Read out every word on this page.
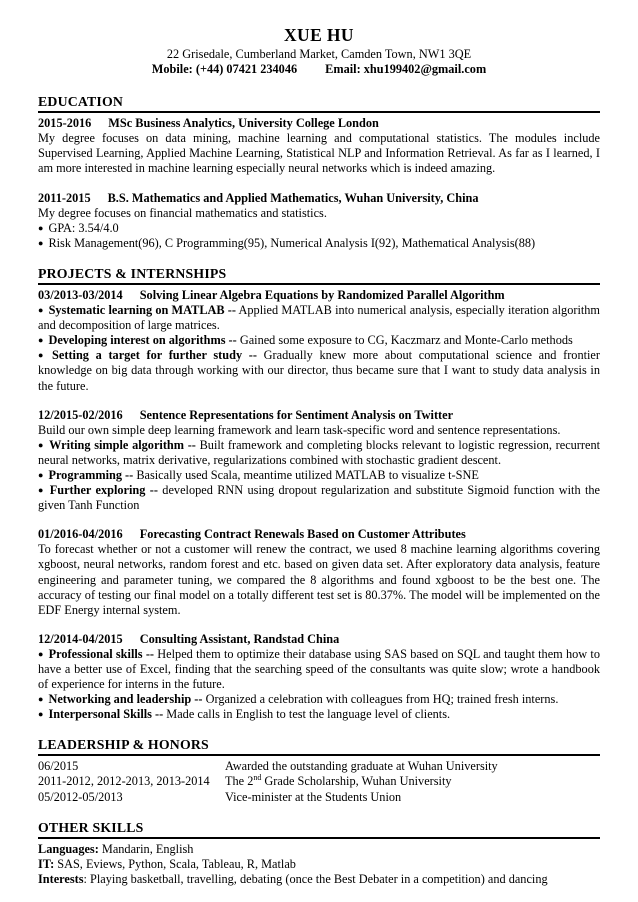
XUE HU
22 Grisedale, Cumberland Market, Camden Town, NW1 3QE
Mobile: (+44) 07421 234046 Email: xhu199402@gmail.com
EDUCATION

2015-2016 MSc Business Analytics, University College London

My degree focuses on data mining, machine learning and computational statistics. The modules include Supervised Learning, Applied Machine Learning, Statistical NLP and Information Retrieval. As far as I learned, I am more interested in machine learning especially neural networks which is indeed amazing.

2011-2015 B.S. Mathematics and Applied Mathematics, Wuhan University, China

My degree focuses on financial mathematics and statistics.

● GPA: 3.54/4.0

● Risk Management(96), C Programming(95), Numerical Analysis I(92), Mathematical Analysis(88)

PROJECTS & INTERNSHIPS

03/2013-03/2014 Solving Linear Algebra Equations by Randomized Parallel Algorithm

● Systematic learning on MATLAB -- Applied MATLAB into numerical analysis, especially iteration algorithm and decomposition of large matrices.

● Developing interest on algorithms -- Gained some exposure to CG, Kaczmarz and Monte-Carlo methods

● Setting a target for further study -- Gradually knew more about computational science and frontier knowledge on big data through working with our director, thus became sure that I want to study data analysis in the future.

12/2015-02/2016 Sentence Representations for Sentiment Analysis on Twitter

Build our own simple deep learning framework and learn task-specific word and sentence representations.

● Writing simple algorithm -- Built framework and completing blocks relevant to logistic regression, recurrent neural networks, matrix derivative, regularizations combined with stochastic gradient descent.

● Programming -- Basically used Scala, meantime utilized MATLAB to visualize t-SNE

● Further exploring -- developed RNN using dropout regularization and substitute Sigmoid function with the given Tanh Function

01/2016-04/2016 Forecasting Contract Renewals Based on Customer Attributes

To forecast whether or not a customer will renew the contract, we used 8 machine learning algorithms covering xgboost, neural networks, random forest and etc. based on given data set. After exploratory data analysis, feature engineering and parameter tuning, we compared the 8 algorithms and found xgboost to be the best one. The accuracy of testing our final model on a totally different test set is 80.37%. The model will be implemented on the EDF Energy internal system.

12/2014-04/2015 Consulting Assistant, Randstad China

● Professional skills -- Helped them to optimize their database using SAS based on SQL and taught them how to have a better use of Excel, finding that the searching speed of the consultants was quite slow; wrote a handbook of experience for interns in the future.

● Networking and leadership -- Organized a celebration with colleagues from HQ; trained fresh interns.

● Interpersonal Skills -- Made calls in English to test the language level of clients.

LEADERSHIP & HONORS
06/2015	Awarded the outstanding graduate at Wuhan University
2011-2012, 2012-2013, 2013-2014	The 2nd Grade Scholarship, Wuhan University
05/2012-05/2013	Vice-minister at the Students Union
OTHER SKILLS

Languages: Mandarin, English

IT: SAS, Eviews, Python, Scala, Tableau, R, Matlab

Interests: Playing basketball, travelling, debating (once the Best Debater in a competition) and dancing
